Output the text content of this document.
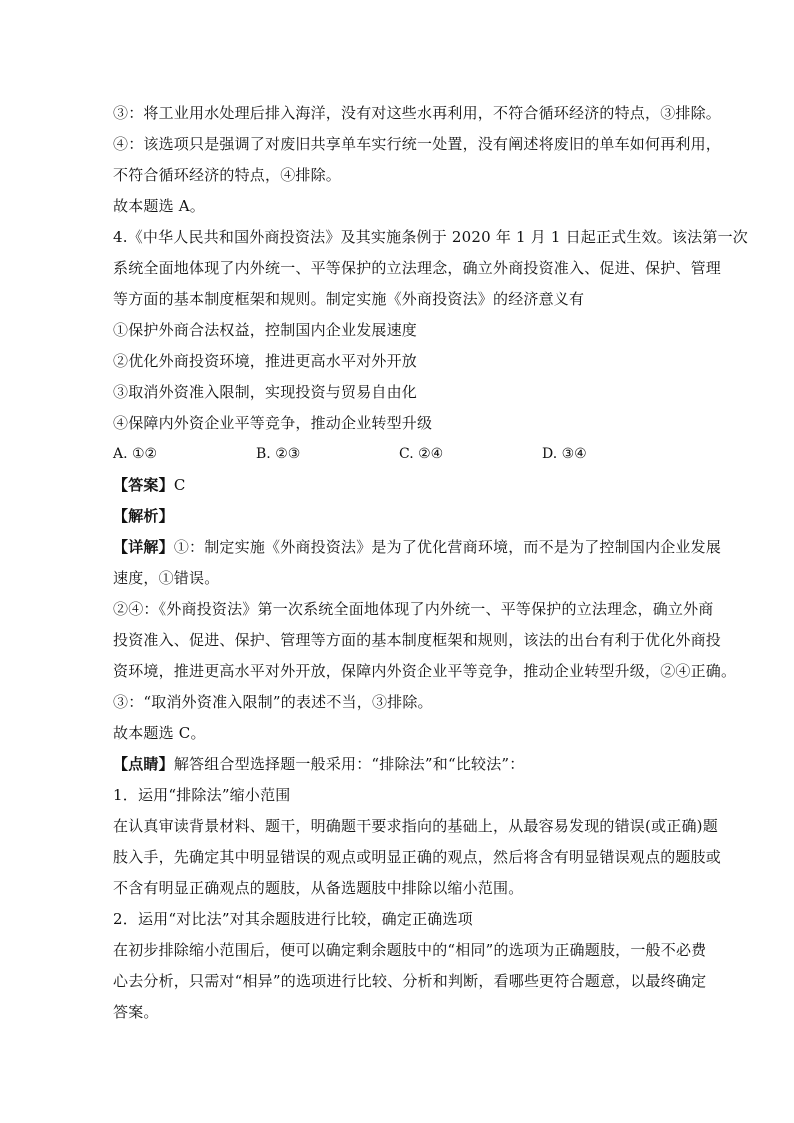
③：将工业用水处理后排入海洋，没有对这些水再利用，不符合循环经济的特点，③排除。
④：该选项只是强调了对废旧共享单车实行统一处置，没有阐述将废旧的单车如何再利用，
不符合循环经济的特点，④排除。
故本题选 A。
4.《中华人民共和国外商投资法》及其实施条例于 2020 年 1 月 1 日起正式生效。该法第一次
系统全面地体现了内外统一、平等保护的立法理念，确立外商投资准入、促进、保护、管理
等方面的基本制度框架和规则。制定实施《外商投资法》的经济意义有
①保护外商合法权益，控制国内企业发展速度
②优化外商投资环境，推进更高水平对外开放
③取消外资准入限制，实现投资与贸易自由化
④保障内外资企业平等竞争，推动企业转型升级
A. ①②	B. ②③	C. ②④	D. ③④
【答案】C
【解析】
【详解】①：制定实施《外商投资法》是为了优化营商环境，而不是为了控制国内企业发展
速度，①错误。
②④：《外商投资法》第一次系统全面地体现了内外统一、平等保护的立法理念，确立外商
投资准入、促进、保护、管理等方面的基本制度框架和规则，该法的出台有利于优化外商投
资环境，推进更高水平对外开放，保障内外资企业平等竞争，推动企业转型升级，②④正确。
③：“取消外资准入限制”的表述不当，③排除。
故本题选 C。
【点睛】解答组合型选择题一般采用：“排除法”和“比较法”：
1．运用“排除法”缩小范围
在认真审读背景材料、题干，明确题干要求指向的基础上，从最容易发现的错误(或正确)题
肢入手，先确定其中明显错误的观点或明显正确的观点，然后将含有明显错误观点的题肢或
不含有明显正确观点的题肢，从备选题肢中排除以缩小范围。
2．运用“对比法”对其余题肢进行比较，确定正确选项
在初步排除缩小范围后，便可以确定剩余题肢中的“相同”的选项为正确题肢，一般不必费
心去分析，只需对“相异”的选项进行比较、分析和判断，看哪些更符合题意，以最终确定
答案。
